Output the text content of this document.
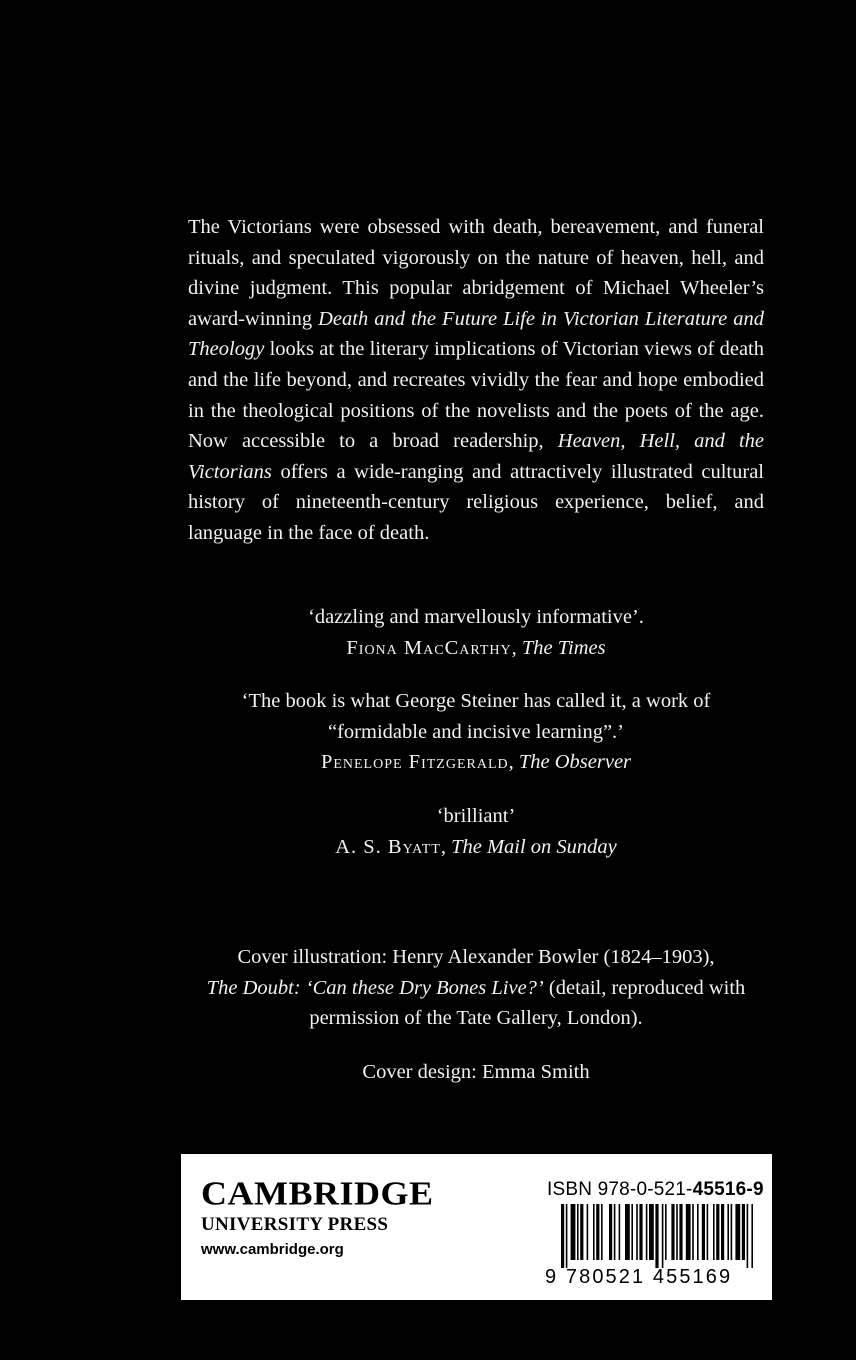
The Victorians were obsessed with death, bereavement, and funeral rituals, and speculated vigorously on the nature of heaven, hell, and divine judgment. This popular abridgement of Michael Wheeler’s award-winning Death and the Future Life in Victorian Literature and Theology looks at the literary implications of Victorian views of death and the life beyond, and recreates vividly the fear and hope embodied in the theological positions of the novelists and the poets of the age. Now accessible to a broad readership, Heaven, Hell, and the Victorians offers a wide-ranging and attractively illustrated cultural history of nineteenth-century religious experience, belief, and language in the face of death.

‘dazzling and marvellously informative’.

Fiona MacCarthy, The Times

‘The book is what George Steiner has called it, a work of “formidable and incisive learning”.’

Penelope Fitzgerald, The Observer

‘brilliant’

A. S. Byatt, The Mail on Sunday

Cover illustration: Henry Alexander Bowler (1824–1903),
The Doubt: ‘Can these Dry Bones Live?’ (detail, reproduced with permission of the Tate Gallery, London).

Cover design: Emma Smith

CAMBRIDGE
UNIVERSITY PRESS
www.cambridge.org
ISBN 978-0-521-45516-9
9 780521 455169
